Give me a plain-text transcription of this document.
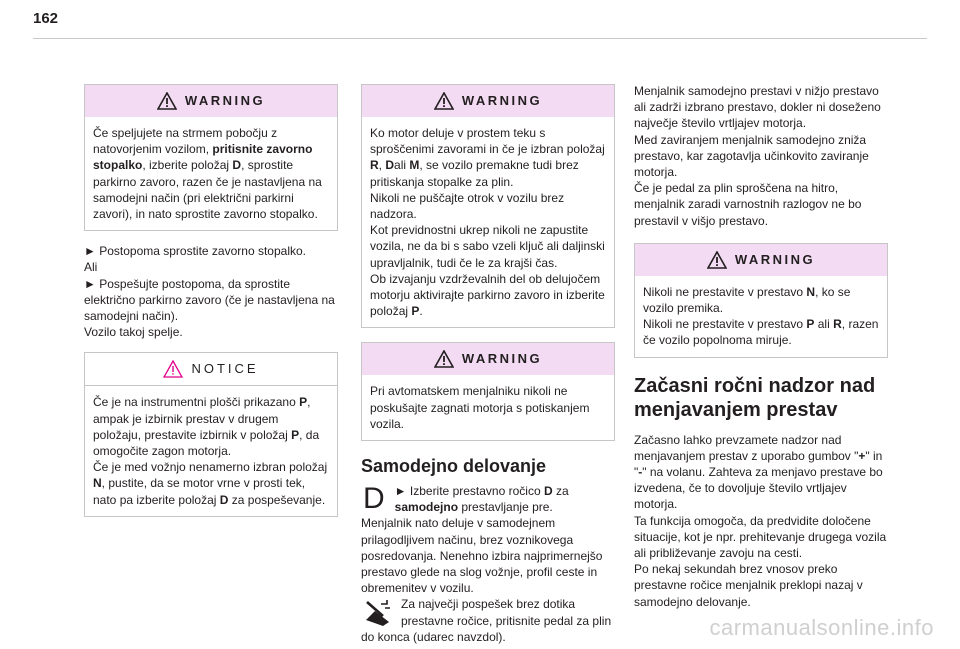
162
WARNING

Če speljujete na strmem pobočju z natovorjenim vozilom, pritisnite zavorno stopalko, izberite položaj D, sprostite parkirno zavoro, razen če je nastavljena na samodejni način (pri električni parkirni zavori), in nato sprostite zavorno stopalko.

► Postopoma sprostite zavorno stopalko.

Ali

► Pospešujte postopoma, da sprostite električno parkirno zavoro (če je nastavljena na samodejni način).

Vozilo takoj spelje.

NOTICE

Če je na instrumentni plošči prikazano P, ampak je izbirnik prestav v drugem položaju, prestavite izbirnik v položaj P, da omogočite zagon motorja.

Če je med vožnjo nenamerno izbran položaj N, pustite, da se motor vrne v prosti tek, nato pa izberite položaj D za pospeševanje.

WARNING

Ko motor deluje v prostem teku s sproščenimi zavorami in če je izbran položaj R, Dali M, se vozilo premakne tudi brez pritiskanja stopalke za plin.

Nikoli ne puščajte otrok v vozilu brez nadzora.

Kot previdnostni ukrep nikoli ne zapustite vozila, ne da bi s sabo vzeli ključ ali daljinski upravljalnik, tudi če le za krajši čas.

Ob izvajanju vzdrževalnih del ob delujočem motorju aktivirajte parkirno zavoro in izberite položaj P.

WARNING

Pri avtomatskem menjalniku nikoli ne poskušajte zagnati motorja s potiskanjem vozila.

Samodejno delovanje

D ► Izberite prestavno ročico D za samodejno prestavljanje pre.

Menjalnik nato deluje v samodejnem prilagodljivem načinu, brez voznikovega posredovanja. Nenehno izbira najprimernejšo prestavo glede na slog vožnje, profil ceste in obremenitev v vozilu.

Za največji pospešek brez dotika prestavne ročice, pritisnite pedal za plin do konca (udarec navzdol).

Menjalnik samodejno prestavi v nižjo prestavo ali zadrži izbrano prestavo, dokler ni doseženo največje število vrtljajev motorja.

Med zaviranjem menjalnik samodejno zniža prestavo, kar zagotavlja učinkovito zaviranje motorja.

Če je pedal za plin sproščena na hitro, menjalnik zaradi varnostnih razlogov ne bo prestavil v višjo prestavo.

WARNING

Nikoli ne prestavite v prestavo N, ko se vozilo premika.

Nikoli ne prestavite v prestavo P ali R, razen če vozilo popolnoma miruje.

Začasni ročni nadzor nad menjavanjem prestav

Začasno lahko prevzamete nadzor nad menjavanjem prestav z uporabo gumbov "+" in "-" na volanu. Zahteva za menjavo prestave bo izvedena, če to dovoljuje število vrtljajev motorja.

Ta funkcija omogoča, da predvidite določene situacije, kot je npr. prehitevanje drugega vozila ali približevanje zavoju na cesti.

Po nekaj sekundah brez vnosov preko prestavne ročice menjalnik preklopi nazaj v samodejno delovanje.

carmanualsonline.info
